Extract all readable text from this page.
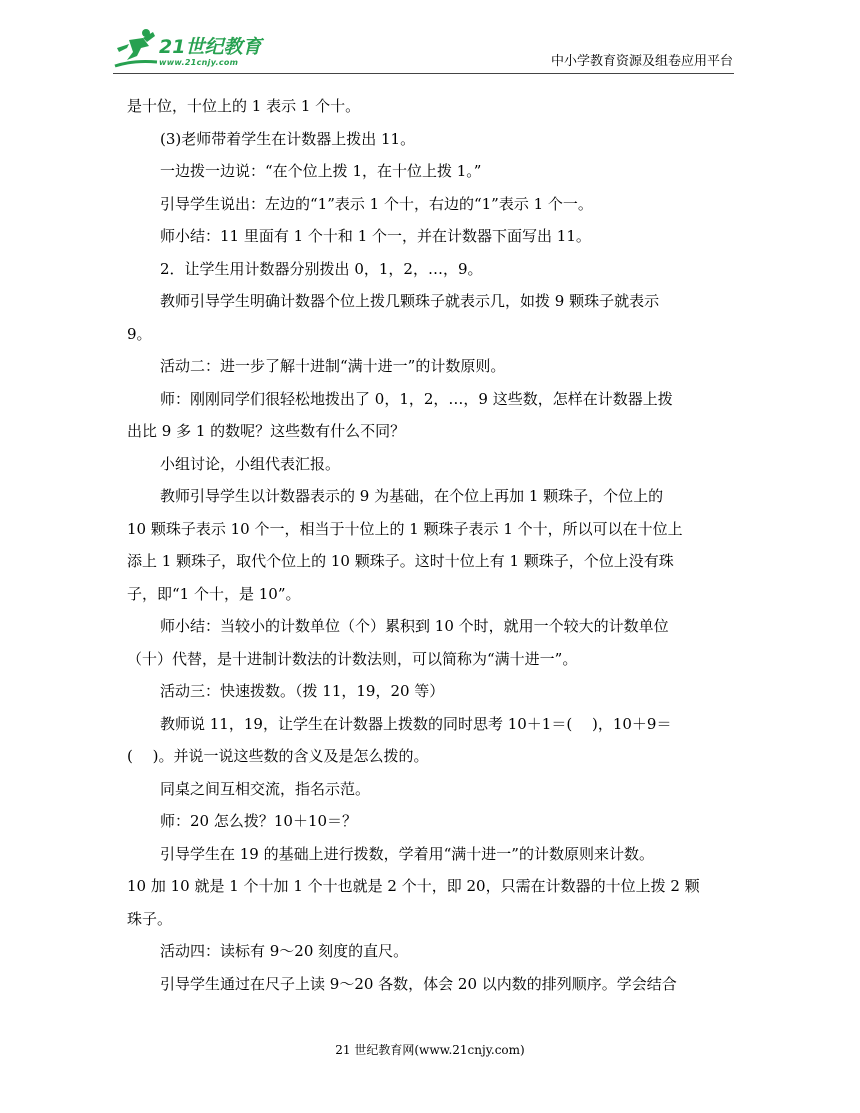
21世纪教育
www.21cnjy.com	中小学教育资源及组卷应用平台

是十位，十位上的 1 表示 1 个十。

(3)老师带着学生在计数器上拨出 11。

一边拨一边说：“在个位上拨 1，在十位上拨 1。”

引导学生说出：左边的“1”表示 1 个十，右边的“1”表示 1 个一。

师小结：11 里面有 1 个十和 1 个一，并在计数器下面写出 11。

2．让学生用计数器分别拨出 0，1，2，…，9。

教师引导学生明确计数器个位上拨几颗珠子就表示几，如拨 9 颗珠子就表示

9。

活动二：进一步了解十进制“满十进一”的计数原则。

师：刚刚同学们很轻松地拨出了 0，1，2，…，9 这些数，怎样在计数器上拨

出比 9 多 1 的数呢？这些数有什么不同？

小组讨论，小组代表汇报。

教师引导学生以计数器表示的 9 为基础，在个位上再加 1 颗珠子，个位上的

10 颗珠子表示 10 个一，相当于十位上的 1 颗珠子表示 1 个十，所以可以在十位上

添上 1 颗珠子，取代个位上的 10 颗珠子。这时十位上有 1 颗珠子，个位上没有珠

子，即“1 个十，是 10”。

师小结：当较小的计数单位（个）累积到 10 个时，就用一个较大的计数单位

（十）代替，是十进制计数法的计数法则，可以简称为“满十进一”。

活动三：快速拨数。（拨 11，19，20 等）

教师说 11，19，让学生在计数器上拨数的同时思考 10＋1＝(　 )，10＋9＝

(　 )。并说一说这些数的含义及是怎么拨的。

同桌之间互相交流，指名示范。

师：20 怎么拨？10＋10＝？

引导学生在 19 的基础上进行拨数，学着用“满十进一”的计数原则来计数。

10 加 10 就是 1 个十加 1 个十也就是 2 个十，即 20，只需在计数器的十位上拨 2 颗

珠子。

活动四：读标有 9～20 刻度的直尺。

引导学生通过在尺子上读 9～20 各数，体会 20 以内数的排列顺序。学会结合

21 世纪教育网(www.21cnjy.com)
